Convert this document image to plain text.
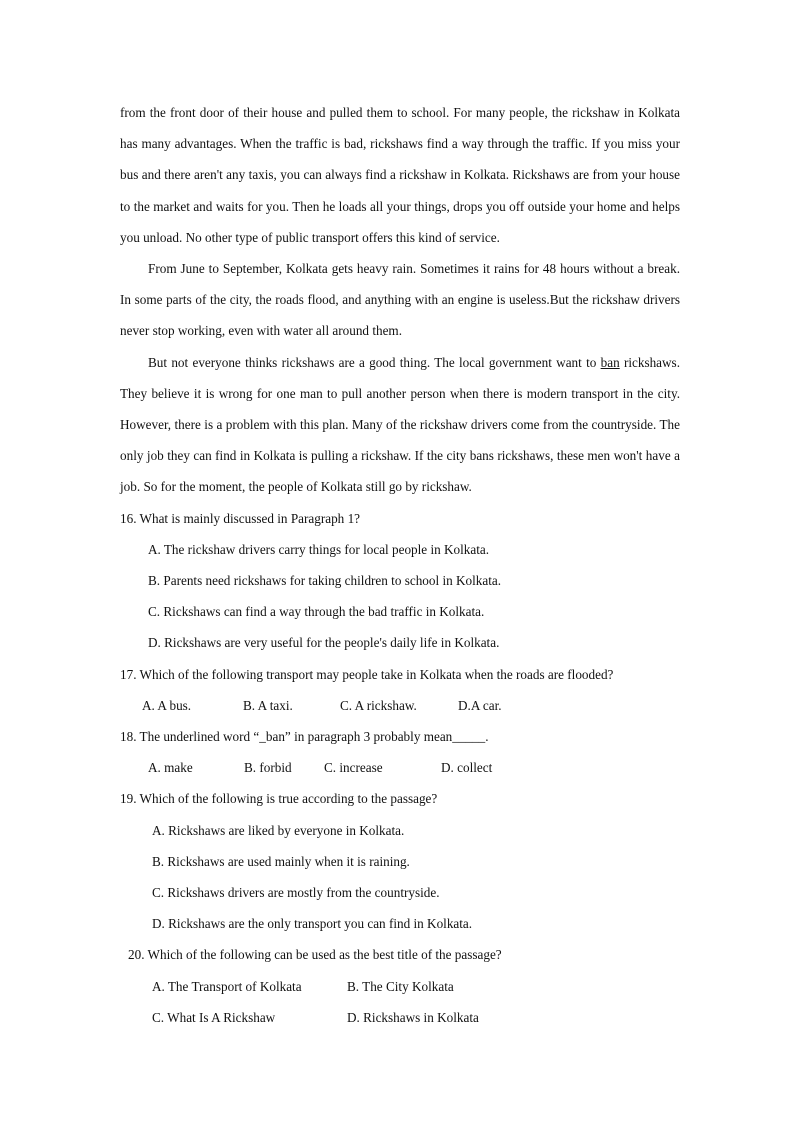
from the front door of their house and pulled them to school. For many people, the rickshaw in Kolkata has many advantages. When the traffic is bad, rickshaws find a way through the traffic. If you miss your bus and there aren't any taxis, you can always find a rickshaw in Kolkata. Rickshaws are from your house to the market and waits for you. Then he loads all your things, drops you off outside your home and helps you unload. No other type of public transport offers this kind of service.

From June to September, Kolkata gets heavy rain. Sometimes it rains for 48 hours without a break. In some parts of the city, the roads flood, and anything with an engine is useless.But the rickshaw drivers never stop working, even with water all around them.

But not everyone thinks rickshaws are a good thing. The local government want to ban rickshaws. They believe it is wrong for one man to pull another person when there is modern transport in the city. However, there is a problem with this plan. Many of the rickshaw drivers come from the countryside. The only job they can find in Kolkata is pulling a rickshaw. If the city bans rickshaws, these men won't have a job. So for the moment, the people of Kolkata still go by rickshaw.

16. What is mainly discussed in Paragraph 1?

A. The rickshaw drivers carry things for local people in Kolkata.

B. Parents need rickshaws for taking children to school in Kolkata.

C. Rickshaws can find a way through the bad traffic in Kolkata.

D. Rickshaws are very useful for the people's daily life in Kolkata.

17. Which of the following transport may people take in Kolkata when the roads are flooded?

A. A bus.	B. A taxi.	C. A rickshaw.	D.A car.

18. The underlined word “_ban” in paragraph 3 probably mean_____.

A. make	B. forbid	C. increase	D. collect

19. Which of the following is true according to the passage?

A. Rickshaws are liked by everyone in Kolkata.

B. Rickshaws are used mainly when it is raining.

C. Rickshaws drivers are mostly from the countryside.

D. Rickshaws are the only transport you can find in Kolkata.

20. Which of the following can be used as the best title of the passage?

A. The Transport of Kolkata	B. The City Kolkata
C. What Is A Rickshaw	D. Rickshaws in Kolkata
